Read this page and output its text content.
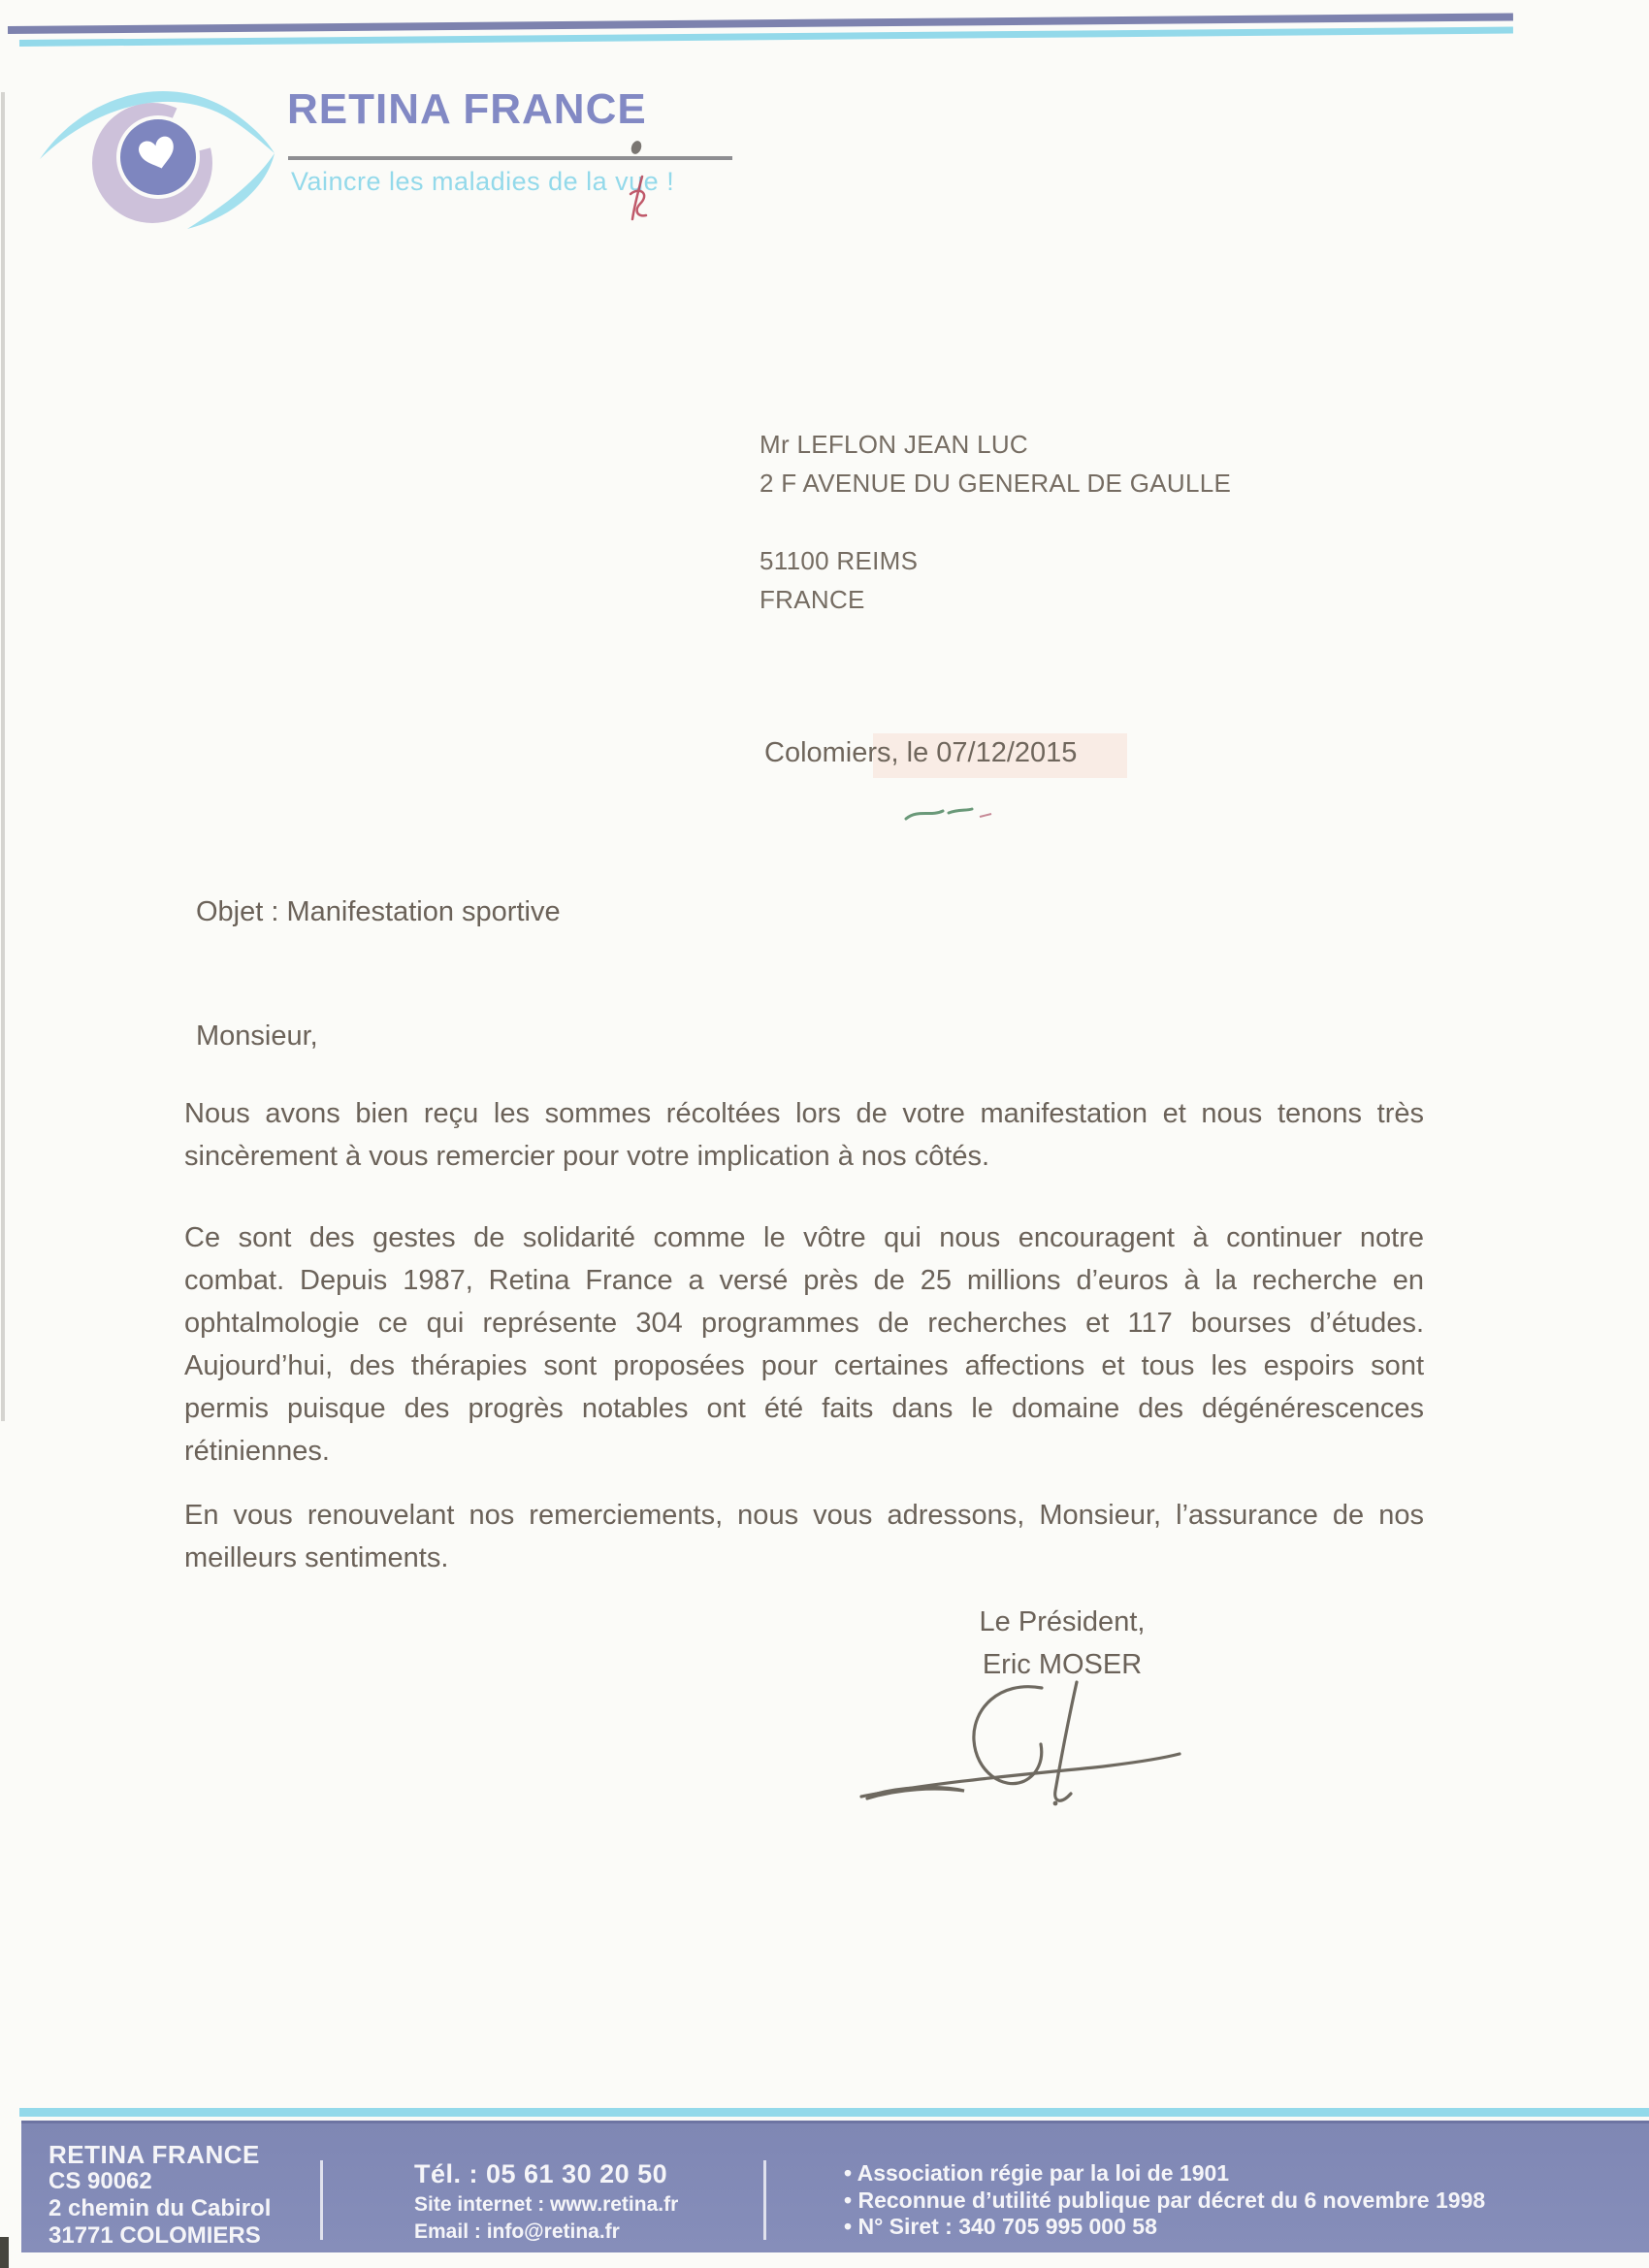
RETINA FRANCE
Vaincre les maladies de la vue !
Mr LEFLON JEAN LUC
2 F AVENUE DU GENERAL DE GAULLE
51100 REIMS
FRANCE
Colomiers, le 07/12/2015
Objet : Manifestation sportive
Monsieur,
Nous avons bien reçu les sommes récoltées lors de votre manifestation et nous tenons très
sincèrement à vous remercier pour votre implication à nos côtés.
Ce sont des gestes de solidarité comme le vôtre qui nous encouragent à continuer notre
combat. Depuis 1987, Retina France a versé près de 25 millions d’euros à la recherche en
ophtalmologie ce qui représente 304 programmes de recherches et 117 bourses d’études.
Aujourd’hui, des thérapies sont proposées pour certaines affections et tous les espoirs sont
permis puisque des progrès notables ont été faits dans le domaine des dégénérescences
rétiniennes.
En vous renouvelant nos remerciements, nous vous adressons, Monsieur, l’assurance de nos
meilleurs sentiments.
Le Président,
Eric MOSER
RETINA FRANCE
CS 90062
2 chemin du Cabirol
31771 COLOMIERS
Tél. : 05 61 30 20 50
Site internet : www.retina.fr
Email : info@retina.fr
• Association régie par la loi de 1901
• Reconnue d’utilité publique par décret du 6 novembre 1998
• N° Siret : 340 705 995 000 58
